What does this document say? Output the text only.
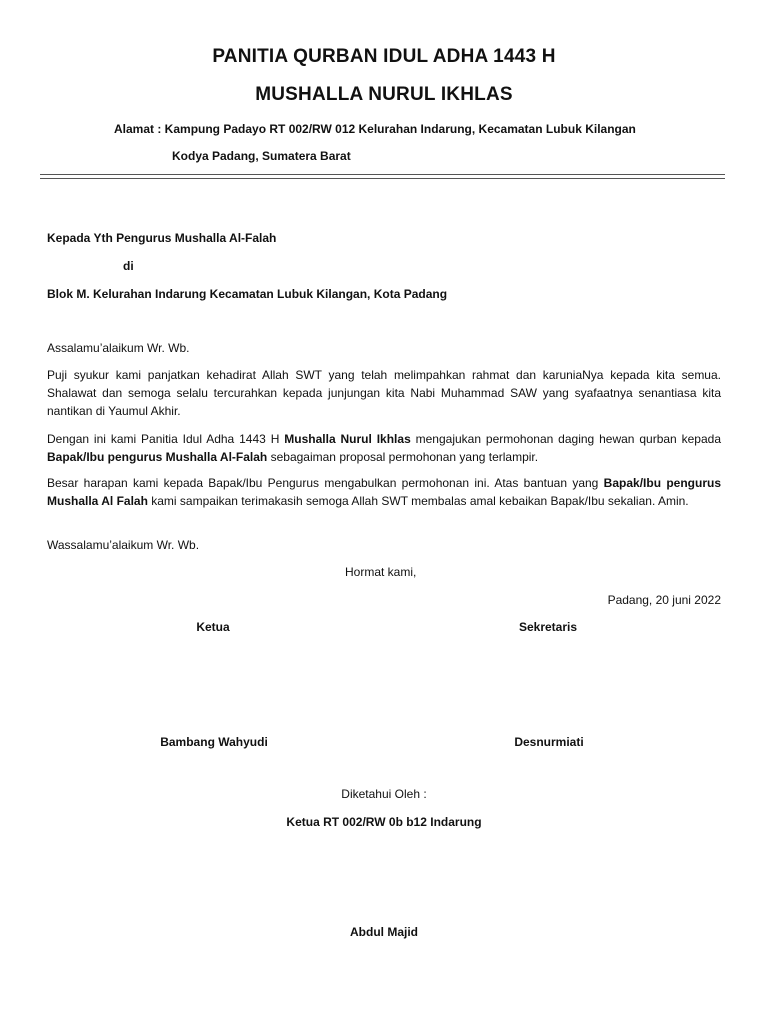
PANITIA QURBAN IDUL ADHA 1443 H
MUSHALLA NURUL IKHLAS
Alamat : Kampung Padayo RT 002/RW 012 Kelurahan Indarung, Kecamatan Lubuk Kilangan
Kodya Padang, Sumatera Barat
Kepada Yth Pengurus Mushalla Al-Falah
di
Blok M. Kelurahan Indarung Kecamatan Lubuk Kilangan, Kota Padang
Assalamu’alaikum Wr. Wb.

Puji syukur kami panjatkan kehadirat Allah SWT yang telah melimpahkan rahmat dan karuniaNya kepada kita semua. Shalawat dan semoga selalu tercurahkan kepada junjungan kita Nabi Muhammad SAW yang syafaatnya senantiasa kita nantikan di Yaumul Akhir.

Dengan ini kami Panitia Idul Adha 1443 H Mushalla Nurul Ikhlas mengajukan permohonan daging hewan qurban kepada Bapak/Ibu pengurus Mushalla Al-Falah sebagaiman proposal permohonan yang terlampir.

Besar harapan kami kepada Bapak/Ibu Pengurus mengabulkan permohonan ini. Atas bantuan yang Bapak/Ibu pengurus Mushalla Al Falah kami sampaikan terimakasih semoga Allah SWT membalas amal kebaikan Bapak/Ibu sekalian. Amin.

Wassalamu’alaikum Wr. Wb.
Hormat kami,
Padang, 20 juni 2022
Ketua	Sekretaris
Bambang Wahyudi	Desnurmiati
Diketahui Oleh :
Ketua RT 002/RW 0b b12 Indarung
Abdul Majid
